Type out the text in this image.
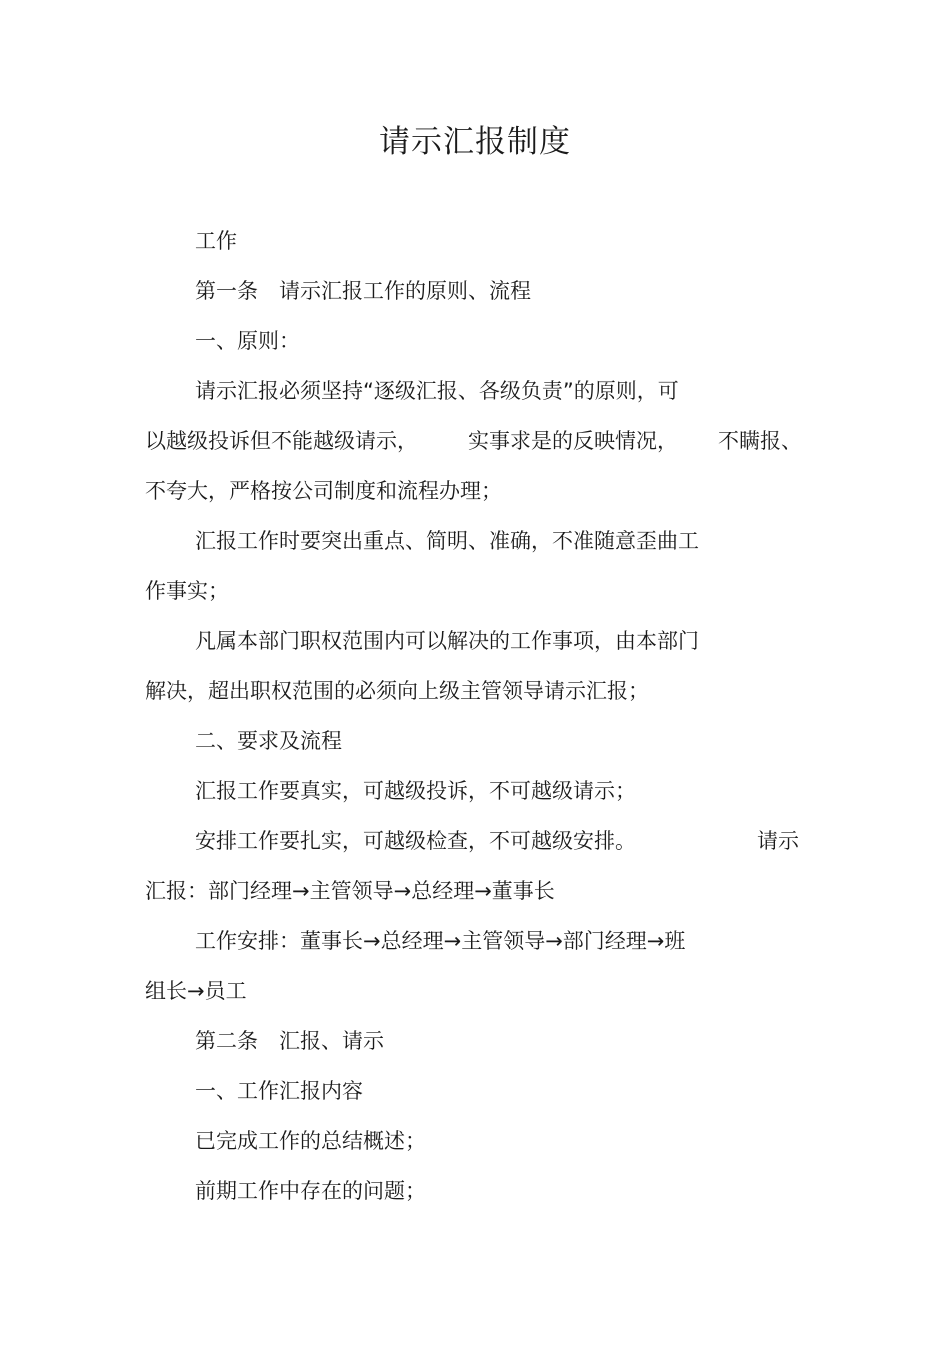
请示汇报制度
工作
第一条　请示汇报工作的原则、流程
一、原则：
请示汇报必须坚持“逐级汇报、各级负责”的原则，可
以越级投诉但不能越级请示， 实事求是的反映情况， 不瞒报、
不夸大，严格按公司制度和流程办理；
汇报工作时要突出重点、简明、准确，不准随意歪曲工
作事实；
凡属本部门职权范围内可以解决的工作事项，由本部门
解决，超出职权范围的必须向上级主管领导请示汇报；
二、要求及流程
汇报工作要真实，可越级投诉，不可越级请示；
安排工作要扎实，可越级检查，不可越级安排。	请示
汇报：部门经理→主管领导→总经理→董事长
工作安排：董事长→总经理→主管领导→部门经理→班
组长→员工
第二条　汇报、请示
一、工作汇报内容
已完成工作的总结概述；
前期工作中存在的问题；
